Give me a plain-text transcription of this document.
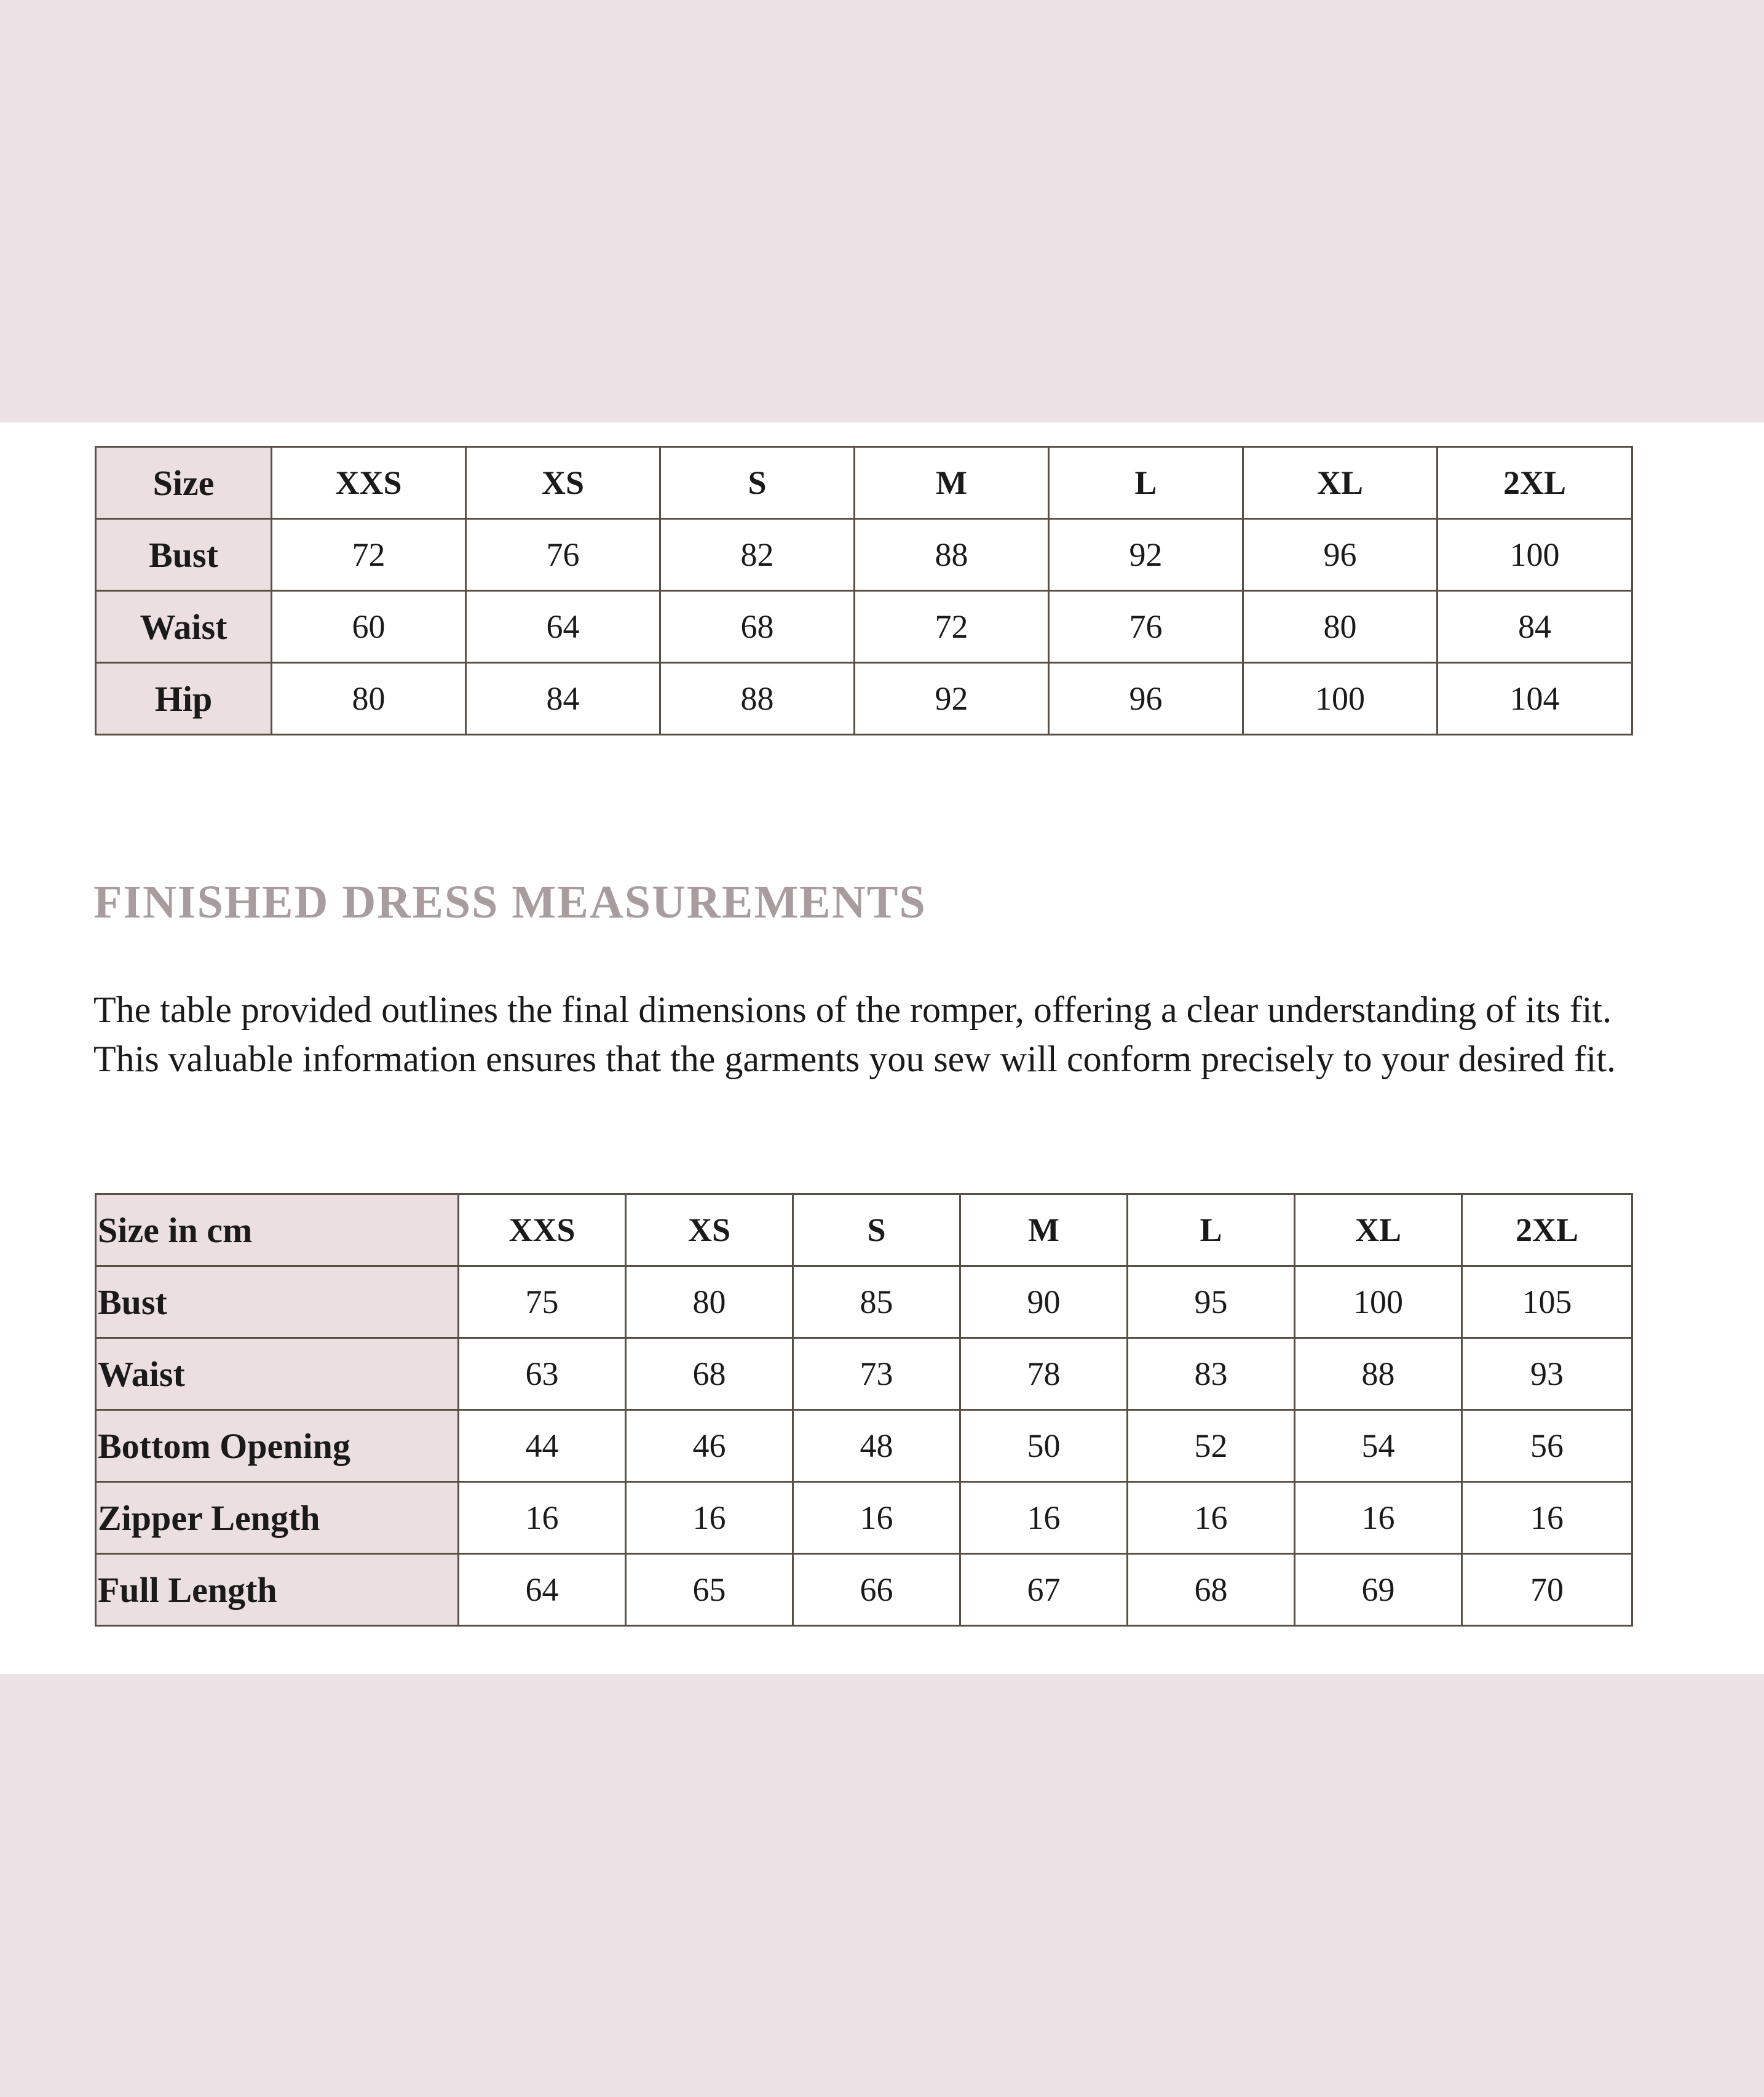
Size	XXS	XS	S	M	L	XL	2XL
Bust	72	76	82	88	92	96	100
Waist	60	64	68	72	76	80	84
Hip	80	84	88	92	96	100	104
FINISHED DRESS MEASUREMENTS

The table provided outlines the final dimensions of the romper, offering a clear understanding of its fit. This valuable information ensures that the garments you sew will conform precisely to your desired fit.

Size in cm	XXS	XS	S	M	L	XL	2XL
Bust	75	80	85	90	95	100	105
Waist	63	68	73	78	83	88	93
Bottom Opening	44	46	48	50	52	54	56
Zipper Length	16	16	16	16	16	16	16
Full Length	64	65	66	67	68	69	70
